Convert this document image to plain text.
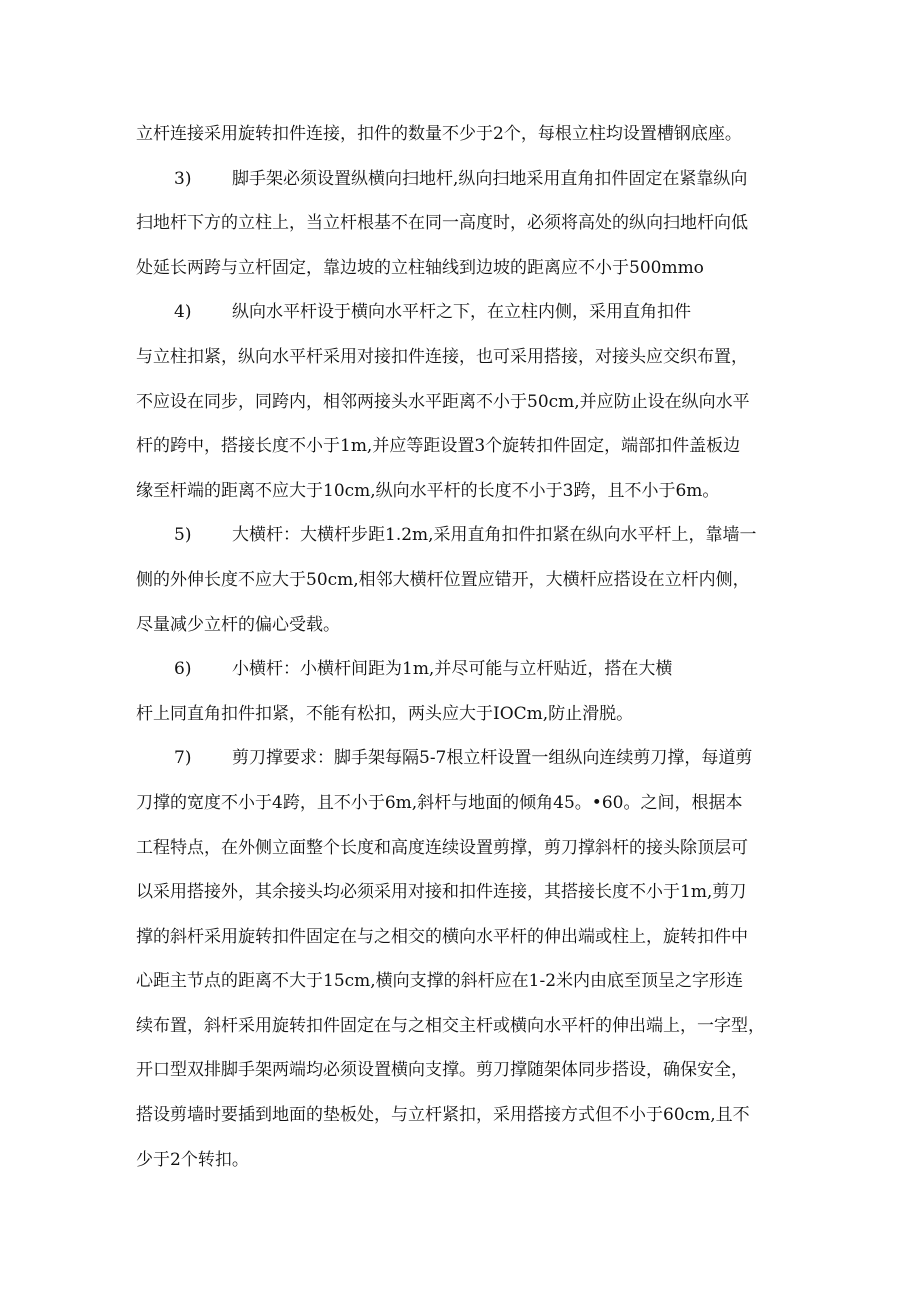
立杆连接采用旋转扣件连接，扣件的数量不少于2个，每根立柱均设置槽钢底座。
3) 脚手架必须设置纵横向扫地杆,纵向扫地采用直角扣件固定在紧靠纵向
扫地杆下方的立柱上，当立杆根基不在同一高度时，必须将高处的纵向扫地杆向低
处延长两跨与立杆固定，靠边坡的立柱轴线到边坡的距离应不小于500mmo
4) 纵向水平杆设于横向水平杆之下，在立柱内侧，采用直角扣件
与立柱扣紧，纵向水平杆采用对接扣件连接，也可采用搭接，对接头应交织布置，
不应设在同步，同跨内，相邻两接头水平距离不小于50cm,并应防止设在纵向水平
杆的跨中，搭接长度不小于1m,并应等距设置3个旋转扣件固定，端部扣件盖板边
缘至杆端的距离不应大于10cm,纵向水平杆的长度不小于3跨，且不小于6m。
5) 大横杆：大横杆步距1.2m,采用直角扣件扣紧在纵向水平杆上，靠墙一
侧的外伸长度不应大于50cm,相邻大横杆位置应错开，大横杆应搭设在立杆内侧，
尽量减少立杆的偏心受载。
6) 小横杆：小横杆间距为1m,并尽可能与立杆贴近，搭在大横
杆上同直角扣件扣紧，不能有松扣，两头应大于IOCm,防止滑脱。
7) 剪刀撑要求：脚手架每隔5-7根立杆设置一组纵向连续剪刀撑，每道剪
刀撑的宽度不小于4跨，且不小于6m,斜杆与地面的倾角45。•60。之间，根据本
工程特点，在外侧立面整个长度和高度连续设置剪撑，剪刀撑斜杆的接头除顶层可
以采用搭接外，其余接头均必须采用对接和扣件连接，其搭接长度不小于1m,剪刀
撑的斜杆采用旋转扣件固定在与之相交的横向水平杆的伸出端或柱上，旋转扣件中
心距主节点的距离不大于15cm,横向支撑的斜杆应在1-2米内由底至顶呈之字形连
续布置，斜杆采用旋转扣件固定在与之相交主杆或横向水平杆的伸出端上，一字型，
开口型双排脚手架两端均必须设置横向支撑。剪刀撑随架体同步搭设，确保安全，
搭设剪墙时要插到地面的垫板处，与立杆紧扣，采用搭接方式但不小于60cm,且不
少于2个转扣。
